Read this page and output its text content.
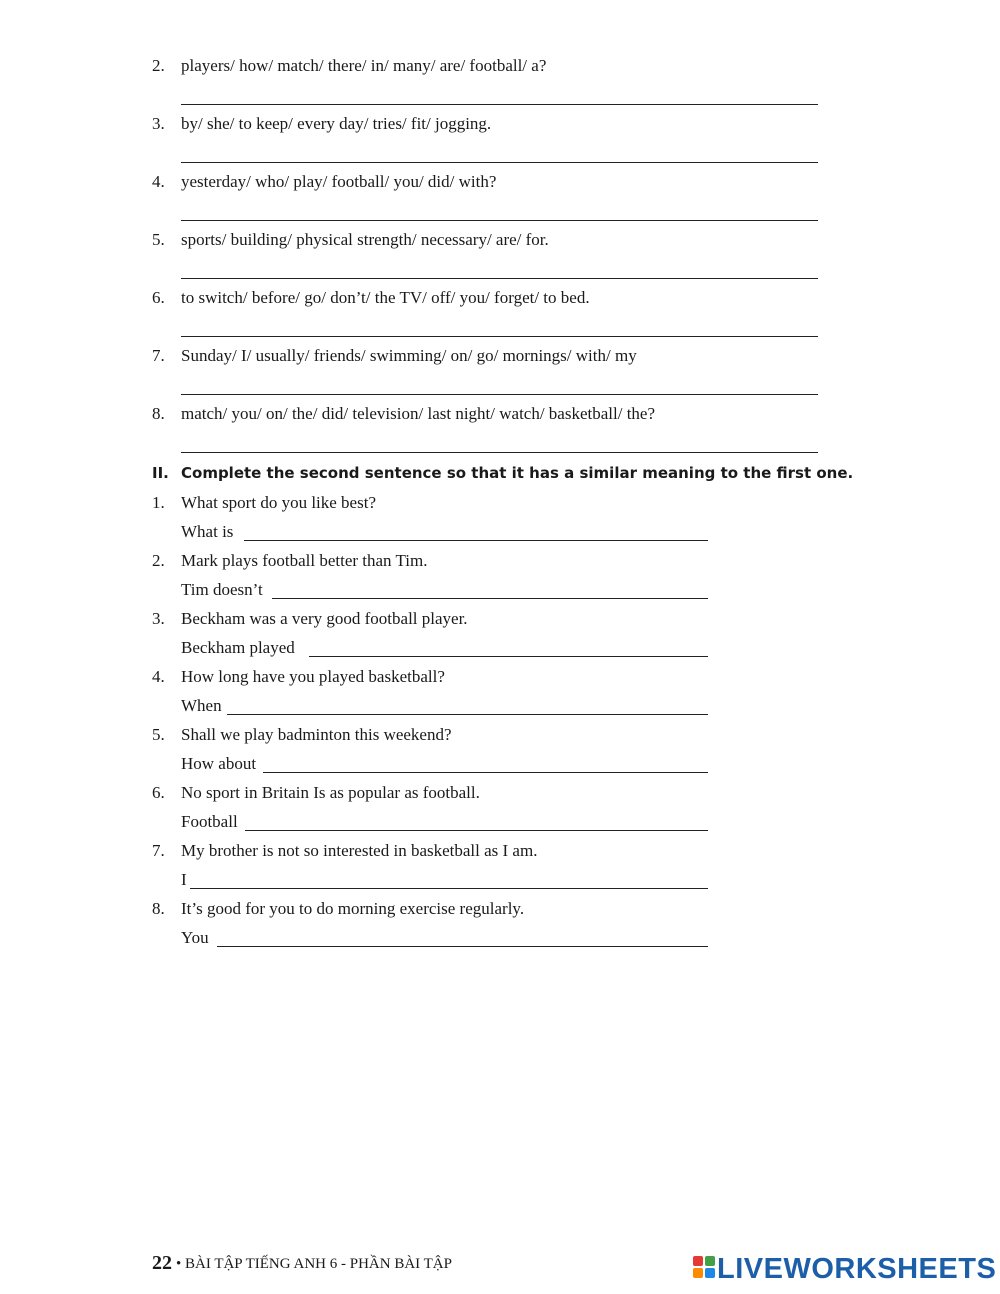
2. players/ how/ match/ there/ in/ many/ are/ football/ a?
3. by/ she/ to keep/ every day/ tries/ fit/ jogging.
4. yesterday/ who/ play/ football/ you/ did/ with?
5. sports/ building/ physical strength/ necessary/ are/ for.
6. to switch/ before/ go/ don’t/ the TV/ off/ you/ forget/ to bed.
7. Sunday/ I/ usually/ friends/ swimming/ on/ go/ mornings/ with/ my
8. match/ you/ on/ the/ did/ television/ last night/ watch/ basketball/ the?
II. Complete the second sentence so that it has a similar meaning to the first one.
1. What sport do you like best?
What is
2. Mark plays football better than Tim.
Tim doesn’t
3. Beckham was a very good football player.
Beckham played
4. How long have you played basketball?
When
5. Shall we play badminton this weekend?
How about
6. No sport in Britain Is as popular as football.
Football
7. My brother is not so interested in basketball as I am.
I
8. It’s good for you to do morning exercise regularly.
You
22 • BÀI TẬP TIẾNG ANH 6 - PHẦN BÀI TẬP	LIVEWORKSHEETS
